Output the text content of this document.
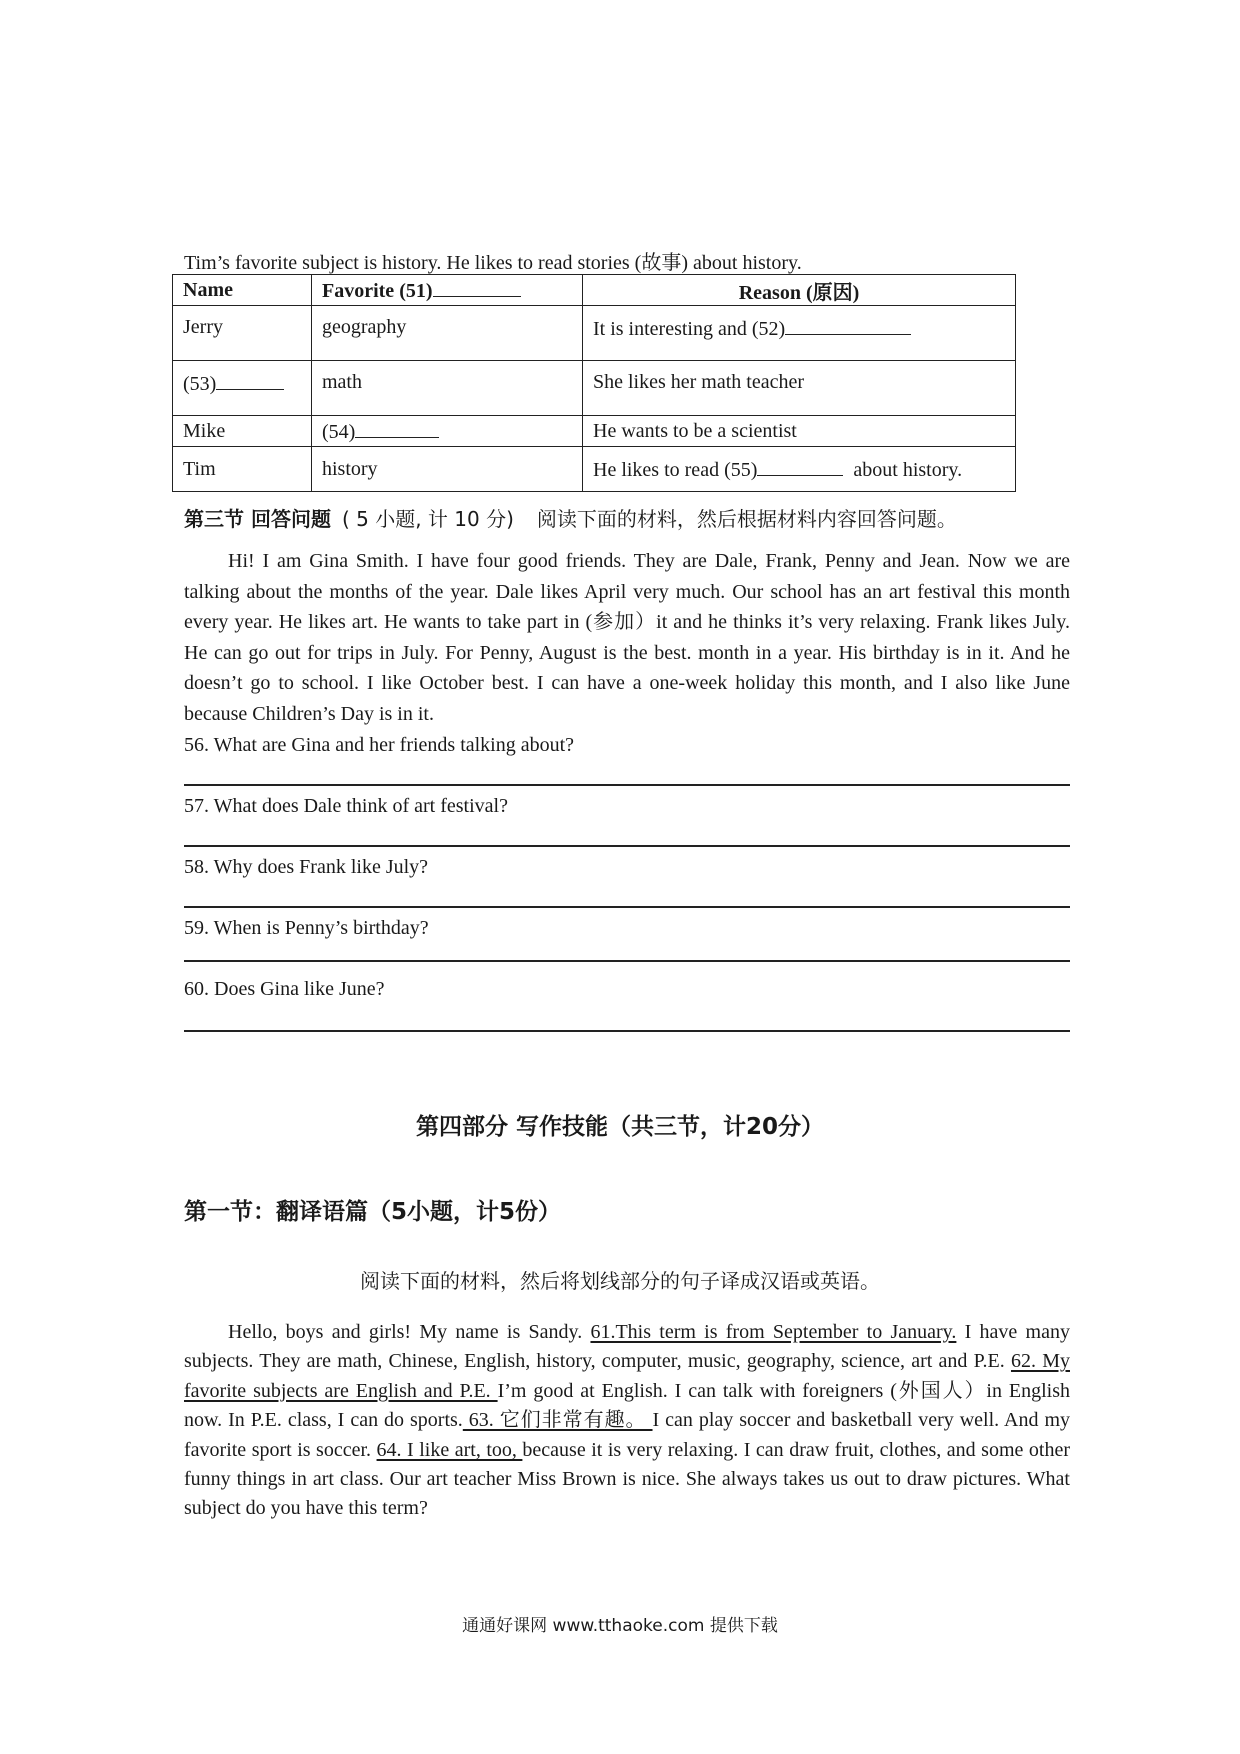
Tim’s favorite subject is history. He likes to read stories (故事) about history.
Name	Favorite (51)	Reason (原因)
Jerry	geography	It is interesting and (52)
(53)	math	She likes her math teacher
Mike	(54)	He wants to be a scientist
Tim	history	He likes to read (55) about history.
第三节 回答问题 ( 5 小题, 计 10 分) 阅读下面的材料，然后根据材料内容回答问题。

Hi! I am Gina Smith. I have four good friends. They are Dale, Frank, Penny and Jean. Now we are talking about the months of the year. Dale likes April very much. Our school has an art festival this month every year. He likes art. He wants to take part in (参加）it and he thinks it’s very relaxing. Frank likes July. He can go out for trips in July. For Penny, August is the best. month in a year. His birthday is in it. And he doesn’t go to school. I like October best. I can have a one-week holiday this month, and I also like June because Children’s Day is in it.

56. What are Gina and her friends talking about?
57. What does Dale think of art festival?
58. Why does Frank like July?
59. When is Penny’s birthday?
60. Does Gina like June?
第四部分 写作技能（共三节，计20分）
第一节：翻译语篇（5小题，计5份）
阅读下面的材料，然后将划线部分的句子译成汉语或英语。

Hello, boys and girls! My name is Sandy. 61.This term is from September to January. I have many subjects. They are math, Chinese, English, history, computer, music, geography, science, art and P.E. 62. My favorite subjects are English and P.E. I’m good at English. I can talk with foreigners (外国人）in English now. In P.E. class, I can do sports. 63. 它们非常有趣。 I can play soccer and basketball very well. And my favorite sport is soccer. 64. I like art, too, because it is very relaxing. I can draw fruit, clothes, and some other funny things in art class. Our art teacher Miss Brown is nice. She always takes us out to draw pictures. What subject do you have this term?

通通好课网 www.tthaoke.com 提供下载
